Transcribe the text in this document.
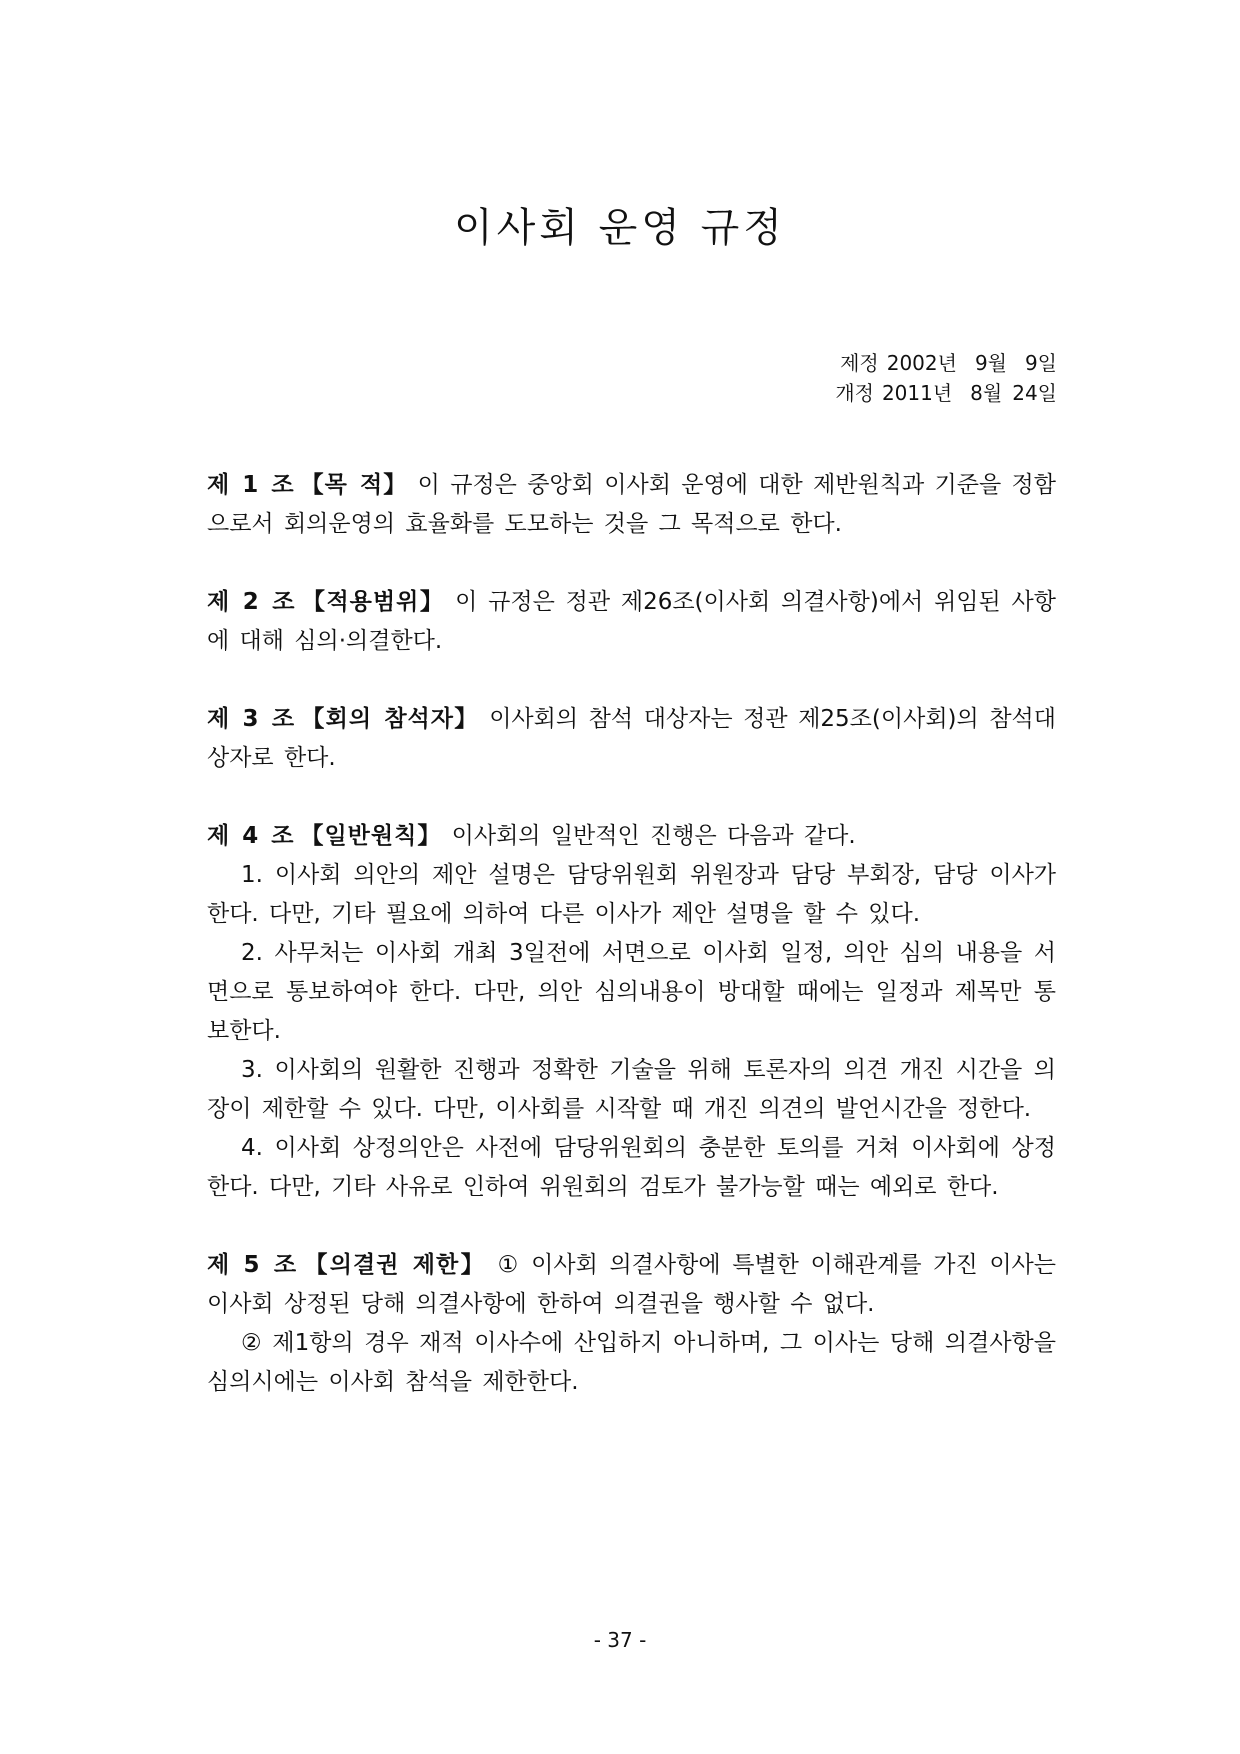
이사회 운영 규정
제정 2002년 9월 9일
개정 2011년 8월 24일

제 1 조 【목 적】 이 규정은 중앙회 이사회 운영에 대한 제반원칙과 기준을 정함으로서 회의운영의 효율화를 도모하는 것을 그 목적으로 한다.

제 2 조 【적용범위】 이 규정은 정관 제26조(이사회 의결사항)에서 위임된 사항에 대해 심의·의결한다.

제 3 조 【회의 참석자】 이사회의 참석 대상자는 정관 제25조(이사회)의 참석대상자로 한다.

제 4 조 【일반원칙】 이사회의 일반적인 진행은 다음과 같다.

1. 이사회 의안의 제안 설명은 담당위원회 위원장과 담당 부회장, 담당 이사가 한다. 다만, 기타 필요에 의하여 다른 이사가 제안 설명을 할 수 있다.

2. 사무처는 이사회 개최 3일전에 서면으로 이사회 일정, 의안 심의 내용을 서면으로 통보하여야 한다. 다만, 의안 심의내용이 방대할 때에는 일정과 제목만 통보한다.

3. 이사회의 원활한 진행과 정확한 기술을 위해 토론자의 의견 개진 시간을 의장이 제한할 수 있다. 다만, 이사회를 시작할 때 개진 의견의 발언시간을 정한다.

4. 이사회 상정의안은 사전에 담당위원회의 충분한 토의를 거쳐 이사회에 상정한다. 다만, 기타 사유로 인하여 위원회의 검토가 불가능할 때는 예외로 한다.

제 5 조 【의결권 제한】 ① 이사회 의결사항에 특별한 이해관계를 가진 이사는 이사회 상정된 당해 의결사항에 한하여 의결권을 행사할 수 없다.

② 제1항의 경우 재적 이사수에 산입하지 아니하며, 그 이사는 당해 의결사항을 심의시에는 이사회 참석을 제한한다.

- 37 -
